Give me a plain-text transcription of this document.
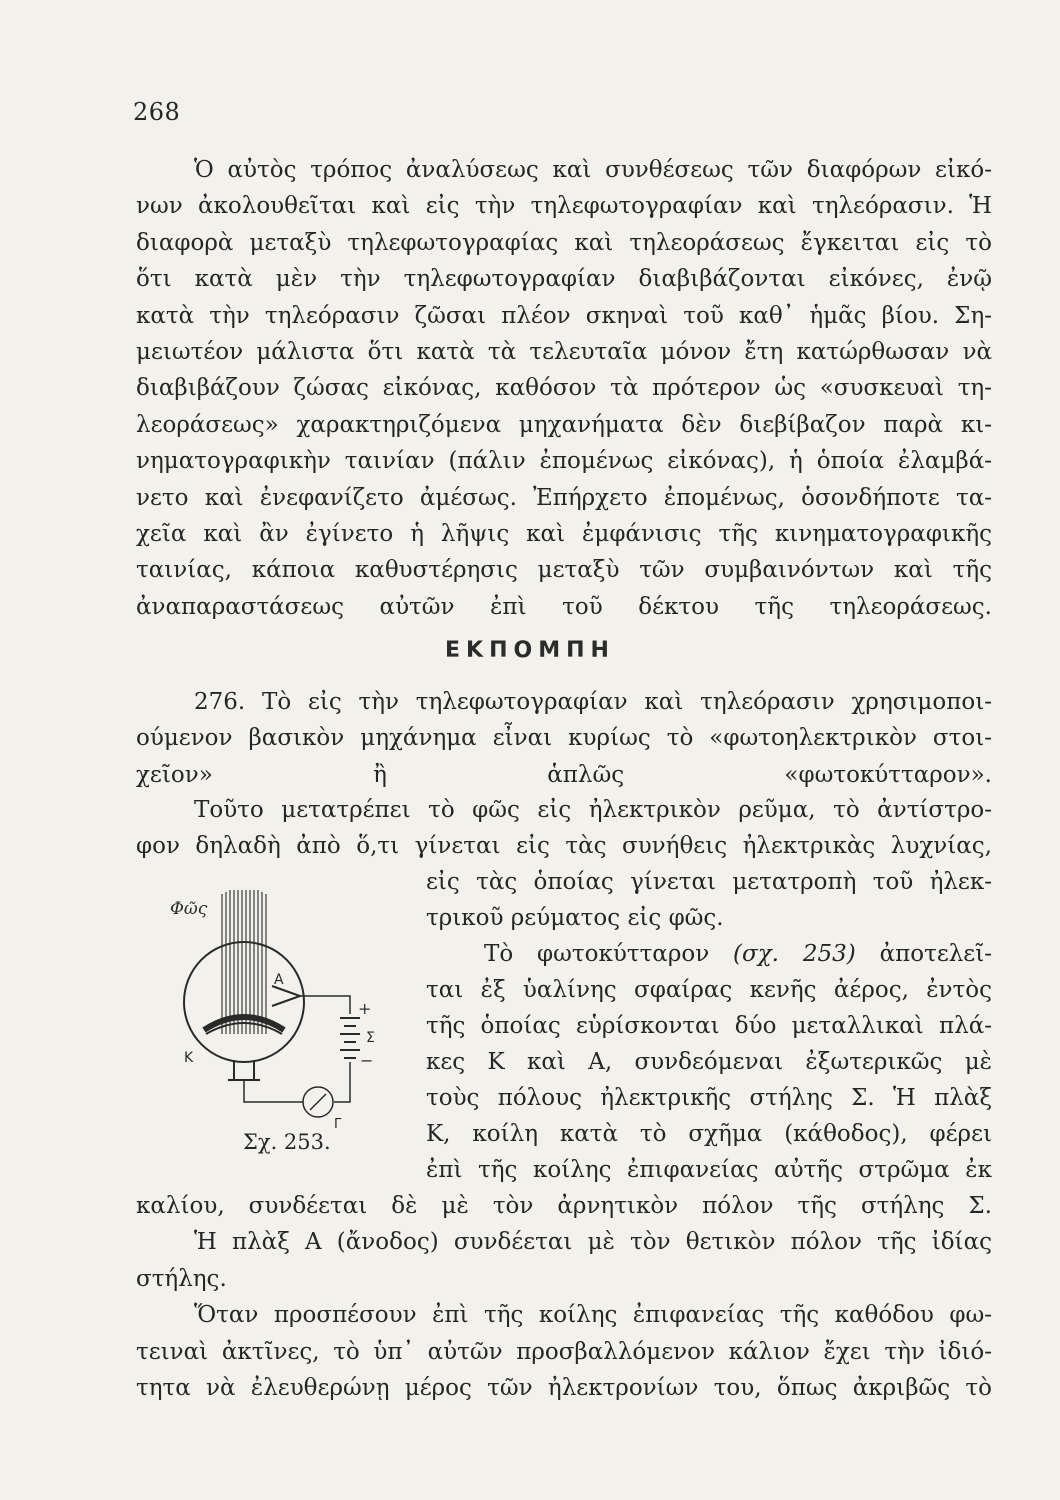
268
Ὁ αὐτὸς τρόπος ἀναλύσεως καὶ συνθέσεως τῶν διαφόρων εἰκό-
νων ἀκολουθεῖται καὶ εἰς τὴν τηλεφωτογραφίαν καὶ τηλεόρασιν. Ἡ
διαφορὰ μεταξὺ τηλεφωτογραφίας καὶ τηλεοράσεως ἔγκειται εἰς τὸ
ὅτι κατὰ μὲν τὴν τηλεφωτογραφίαν διαβιβάζονται εἰκόνες, ἐνῷ
κατὰ τὴν τηλεόρασιν ζῶσαι πλέον σκηναὶ τοῦ καθ᾿ ἡμᾶς βίου. Ση-
μειωτέον μάλιστα ὅτι κατὰ τὰ τελευταῖα μόνον ἔτη κατώρθωσαν νὰ
διαβιβάζουν ζώσας εἰκόνας, καθόσον τὰ πρότερον ὡς «συσκευαὶ τη-
λεοράσεως» χαρακτηριζόμενα μηχανήματα δὲν διεβίβαζον παρὰ κι-
νηματογραφικὴν ταινίαν (πάλιν ἐπομένως εἰκόνας), ἡ ὁποία ἐλαμβά-
νετο καὶ ἐνεφανίζετο ἀμέσως. Ἐπήρχετο ἐπομένως, ὁσονδήποτε τα-
χεῖα καὶ ἂν ἐγίνετο ἡ λῆψις καὶ ἐμφάνισις τῆς κινηματογραφικῆς
ταινίας, κάποια καθυστέρησις μεταξὺ τῶν συμβαινόντων καὶ τῆς
ἀναπαραστάσεως αὐτῶν ἐπὶ τοῦ δέκτου τῆς τηλεοράσεως.
ΕΚΠΟΜΠΗ
276. Τὸ εἰς τὴν τηλεφωτογραφίαν καὶ τηλεόρασιν χρησιμοποι-
ούμενον βασικὸν μηχάνημα εἶναι κυρίως τὸ «φωτοηλεκτρικὸν στοι-
χεῖον» ἢ ἁπλῶς «φωτοκύτταρον».
Τοῦτο μετατρέπει τὸ φῶς εἰς ἠλεκτρικὸν ρεῦμα, τὸ ἀντίστρο-
φον δηλαδὴ ἀπὸ ὅ,τι γίνεται εἰς τὰς συνήθεις ἠλεκτρικὰς λυχνίας,
εἰς τὰς ὁποίας γίνεται μετατροπὴ τοῦ ἠλεκ-
τρικοῦ ρεύματος εἰς φῶς.
Τὸ φωτοκύτταρον (σχ. 253) ἀποτελεῖ-
ται ἐξ ὑαλίνης σφαίρας κενῆς ἀέρος, ἐντὸς
τῆς ὁποίας εὑρίσκονται δύο μεταλλικαὶ πλά-
κες Κ καὶ Α, συνδεόμεναι ἐξωτερικῶς μὲ
τοὺς πόλους ἠλεκτρικῆς στήλης Σ. Ἡ πλὰξ
Κ, κοίλη κατὰ τὸ σχῆμα (κάθοδος), φέρει
ἐπὶ τῆς κοίλης ἐπιφανείας αὐτῆς στρῶμα ἐκ
Φῶς
Α
Κ
Σ
Γ
+
−
Σχ. 253.
καλίου, συνδέεται δὲ μὲ τὸν ἀρνητικὸν πόλον τῆς στήλης Σ.
Ἡ πλὰξ Α (ἄνοδος) συνδέεται μὲ τὸν θετικὸν πόλον τῆς ἰδίας
στήλης.
Ὅταν προσπέσουν ἐπὶ τῆς κοίλης ἐπιφανείας τῆς καθόδου φω-
τειναὶ ἀκτῖνες, τὸ ὑπ᾿ αὐτῶν προσβαλλόμενον κάλιον ἔχει τὴν ἰδιό-
τητα νὰ ἐλευθερώνῃ μέρος τῶν ἠλεκτρονίων του, ὅπως ἀκριβῶς τὸ
